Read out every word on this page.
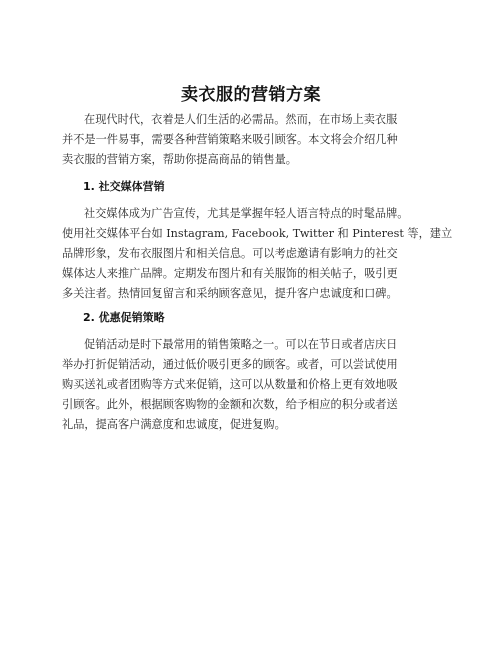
卖衣服的营销方案
在现代时代，衣着是人们生活的必需品。然而，在市场上卖衣服
并不是一件易事，需要各种营销策略来吸引顾客。本文将会介绍几种
卖衣服的营销方案，帮助你提高商品的销售量。
1. 社交媒体营销
社交媒体成为广告宣传，尤其是掌握年轻人语言特点的时髦品牌。
使用社交媒体平台如 Instagram, Facebook, Twitter 和 Pinterest 等，建立
品牌形象，发布衣服图片和相关信息。可以考虑邀请有影响力的社交
媒体达人来推广品牌。定期发布图片和有关服饰的相关帖子，吸引更
多关注者。热情回复留言和采纳顾客意见，提升客户忠诚度和口碑。
2. 优惠促销策略
促销活动是时下最常用的销售策略之一。可以在节日或者店庆日
举办打折促销活动，通过低价吸引更多的顾客。或者，可以尝试使用
购买送礼或者团购等方式来促销，这可以从数量和价格上更有效地吸
引顾客。此外，根据顾客购物的金额和次数，给予相应的积分或者送
礼品，提高客户满意度和忠诚度，促进复购。
